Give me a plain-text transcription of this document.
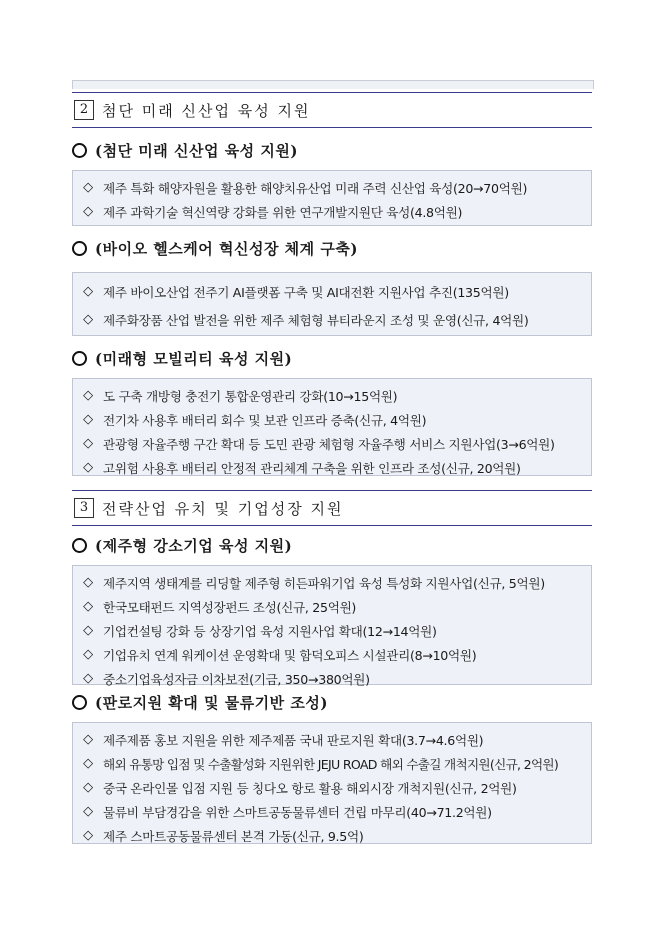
2 첨단 미래 신산업 육성 지원
(첨단 미래 신산업 육성 지원)
◇ 제주 특화 해양자원을 활용한 해양치유산업 미래 주력 신산업 육성(20→70억원)
◇ 제주 과학기술 혁신역량 강화를 위한 연구개발지원단 육성(4.8억원)
(바이오 헬스케어 혁신성장 체계 구축)
◇ 제주 바이오산업 전주기 AI플랫폼 구축 및 AI대전환 지원사업 추진(135억원)
◇ 제주화장품 산업 발전을 위한 제주 체험형 뷰티라운지 조성 및 운영(신규, 4억원)
(미래형 모빌리티 육성 지원)
◇ 도 구축 개방형 충전기 통합운영관리 강화(10→15억원)
◇ 전기차 사용후 배터리 회수 및 보관 인프라 증축(신규, 4억원)
◇ 관광형 자율주행 구간 확대 등 도민 관광 체험형 자율주행 서비스 지원사업(3→6억원)
◇ 고위험 사용후 배터리 안정적 관리체계 구축을 위한 인프라 조성(신규, 20억원)
3 전략산업 유치 및 기업성장 지원
(제주형 강소기업 육성 지원)
◇ 제주지역 생태계를 리딩할 제주형 히든파워기업 육성 특성화 지원사업(신규, 5억원)
◇ 한국모태펀드 지역성장펀드 조성(신규, 25억원)
◇ 기업컨설팅 강화 등 상장기업 육성 지원사업 확대(12→14억원)
◇ 기업유치 연계 워케이션 운영확대 및 함덕오피스 시설관리(8→10억원)
◇ 중소기업육성자금 이차보전(기금, 350→380억원)
(판로지원 확대 및 물류기반 조성)
◇ 제주제품 홍보 지원을 위한 제주제품 국내 판로지원 확대(3.7→4.6억원)
◇ 해외 유통망 입점 및 수출활성화 지원위한 JEJU ROAD 해외 수출길 개척지원(신규, 2억원)
◇ 중국 온라인몰 입점 지원 등 칭다오 항로 활용 해외시장 개척지원(신규, 2억원)
◇ 물류비 부담경감을 위한 스마트공동물류센터 건립 마무리(40→71.2억원)
◇ 제주 스마트공동물류센터 본격 가동(신규, 9.5억)
